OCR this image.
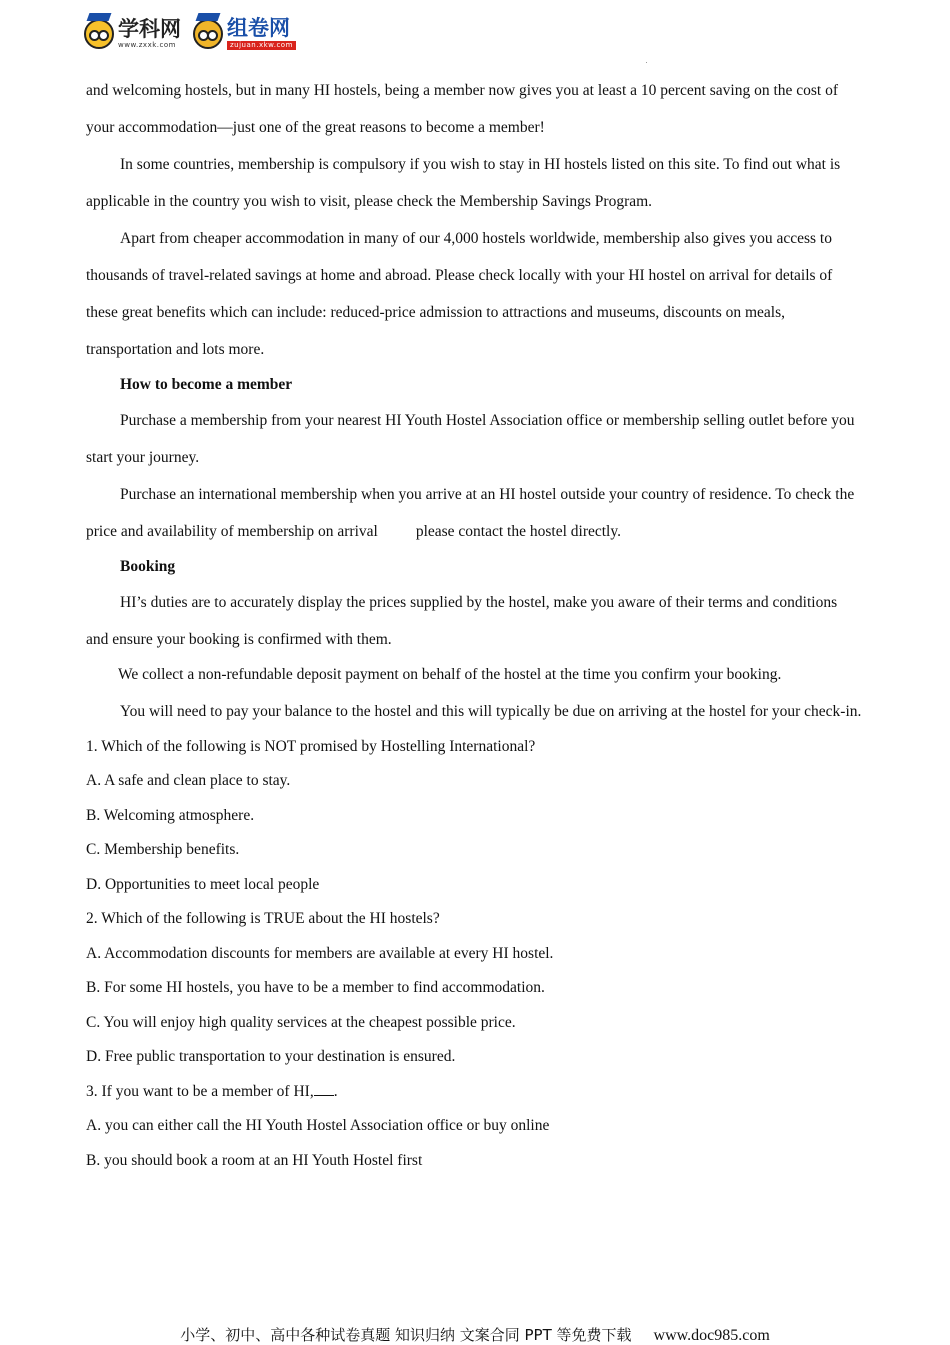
学科网
www.zxxk.com
组卷网
zujuan.xkw.com

and welcoming hostels, but in many HI hostels, being a member now gives you at least a 10 percent saving on the cost of your accommodation—just one of the great reasons to become a member!

In some countries, membership is compulsory if you wish to stay in HI hostels listed on this site. To find out what is applicable in the country you wish to visit, please check the Membership Savings Program.

Apart from cheaper accommodation in many of our 4,000 hostels worldwide, membership also gives you access to thousands of travel-related savings at home and abroad. Please check locally with your HI hostel on arrival for details of these great benefits which can include: reduced-price admission to attractions and museums, discounts on meals, transportation and lots more.

How to become a member

Purchase a membership from your nearest HI Youth Hostel Association office or membership selling outlet before you start your journey.

Purchase an international membership when you arrive at an HI hostel outside your country of residence. To check the price and availability of membership on arrival please contact the hostel directly.

Booking

HI’s duties are to accurately display the prices supplied by the hostel, make you aware of their terms and conditions and ensure your booking is confirmed with them.

We collect a non-refundable deposit payment on behalf of the hostel at the time you confirm your booking.

You will need to pay your balance to the hostel and this will typically be due on arriving at the hostel for your check-in.

1. Which of the following is NOT promised by Hostelling International?

A. A safe and clean place to stay.

B. Welcoming atmosphere.

C. Membership benefits.

D. Opportunities to meet local people

2. Which of the following is TRUE about the HI hostels?

A. Accommodation discounts for members are available at every HI hostel.

B. For some HI hostels, you have to be a member to find accommodation.

C. You will enjoy high quality services at the cheapest possible price.

D. Free public transportation to your destination is ensured.

3. If you want to be a member of HI, .

A. you can either call the HI Youth Hostel Association office or buy online

B. you should book a room at an HI Youth Hostel first

小学、初中、高中各种试卷真题 知识归纳 文案合同 PPT 等免费下载 www.doc985.com
